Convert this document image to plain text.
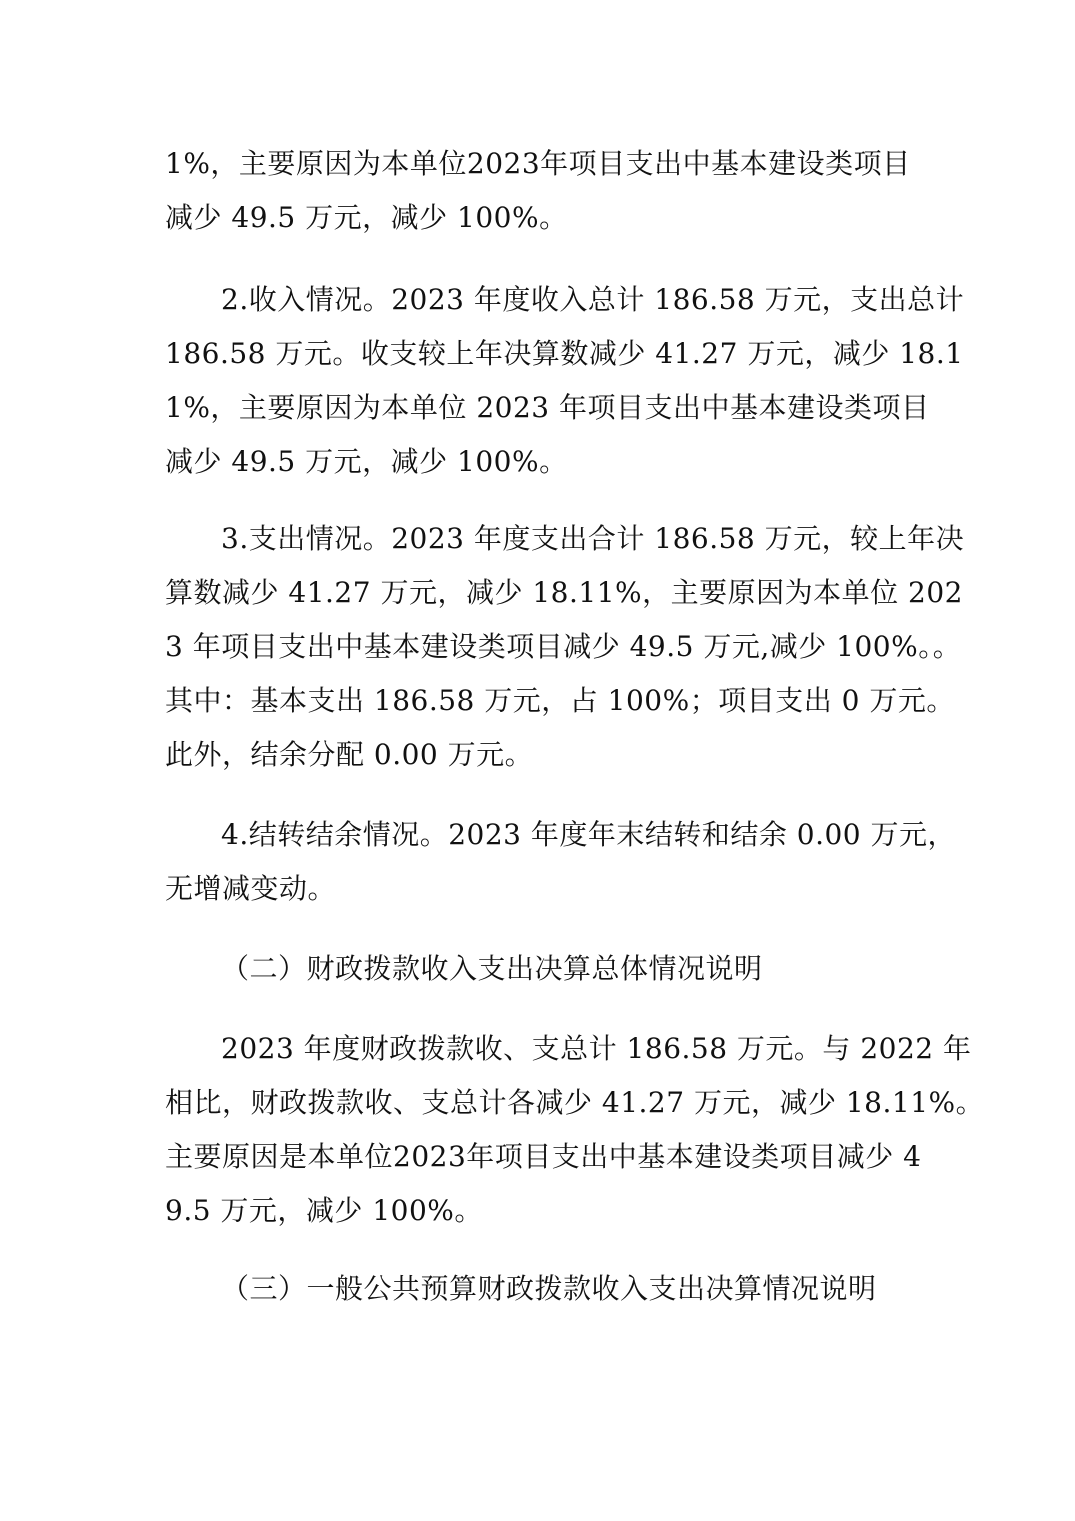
1%，主要原因为本单位2023年项目支出中基本建设类项目
减少 49.5 万元，减少 100%。
2.收入情况。2023 年度收入总计 186.58 万元，支出总计
186.58 万元。收支较上年决算数减少 41.27 万元，减少 18.1
1%，主要原因为本单位 2023 年项目支出中基本建设类项目
减少 49.5 万元，减少 100%。
3.支出情况。2023 年度支出合计 186.58 万元，较上年决
算数减少 41.27 万元，减少 18.11%，主要原因为本单位 202
3 年项目支出中基本建设类项目减少 49.5 万元,减少 100%。。
其中：基本支出 186.58 万元，占 100%；项目支出 0 万元。
此外，结余分配 0.00 万元。
4.结转结余情况。2023 年度年末结转和结余 0.00 万元，
无增减变动。
（二）财政拨款收入支出决算总体情况说明
2023 年度财政拨款收、支总计 186.58 万元。与 2022 年
相比，财政拨款收、支总计各减少 41.27 万元，减少 18.11%。
主要原因是本单位2023年项目支出中基本建设类项目减少 4
9.5 万元，减少 100%。
（三）一般公共预算财政拨款收入支出决算情况说明
